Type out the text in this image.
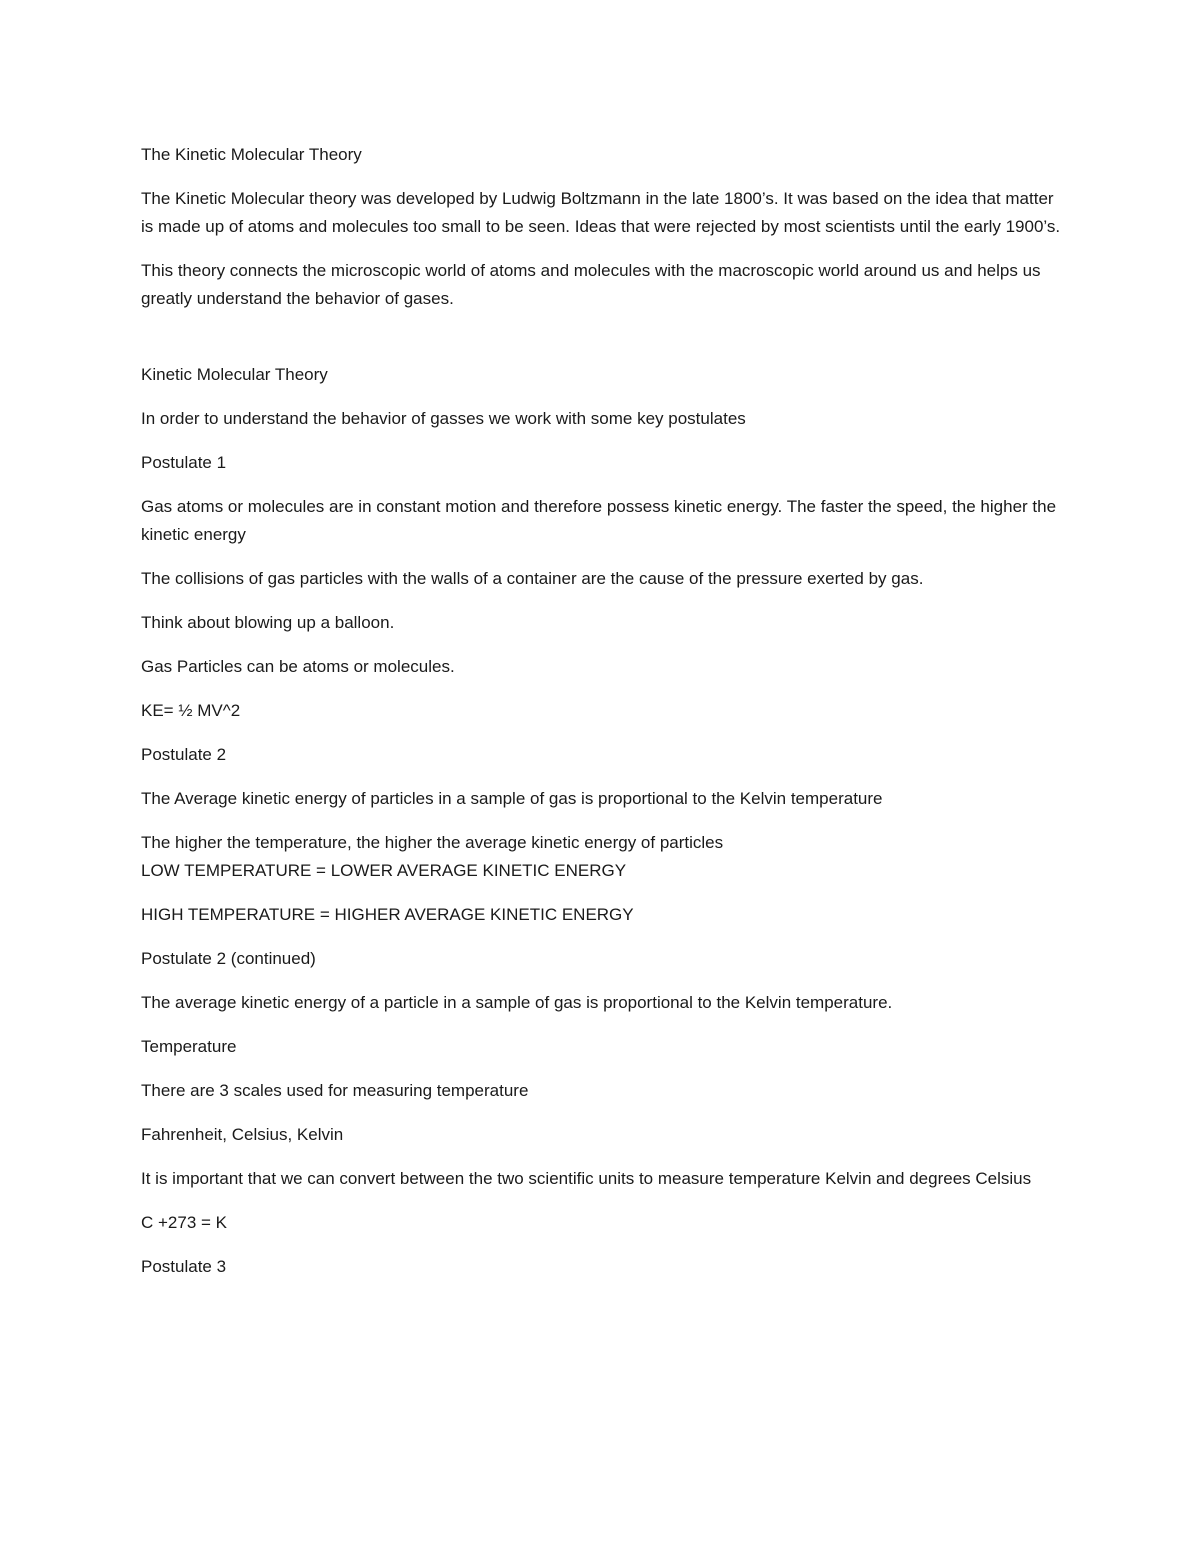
The Kinetic Molecular Theory

The Kinetic Molecular theory was developed by Ludwig Boltzmann in the late 1800’s. It was based on the idea that matter is made up of atoms and molecules too small to be seen. Ideas that were rejected by most scientists until the early 1900’s.

This theory connects the microscopic world of atoms and molecules with the macroscopic world around us and helps us greatly understand the behavior of gases.

Kinetic Molecular Theory

In order to understand the behavior of gasses we work with some key postulates

Postulate 1

Gas atoms or molecules are in constant motion and therefore possess kinetic energy. The faster the speed, the higher the kinetic energy

The collisions of gas particles with the walls of a container are the cause of the pressure exerted by gas.

Think about blowing up a balloon.

Gas Particles can be atoms or molecules.

KE= ½ MV^2

Postulate 2

The Average kinetic energy of particles in a sample of gas is proportional to the Kelvin temperature

The higher the temperature, the higher the average kinetic energy of particles

LOW TEMPERATURE = LOWER AVERAGE KINETIC ENERGY

HIGH TEMPERATURE = HIGHER AVERAGE KINETIC ENERGY

Postulate 2 (continued)

The average kinetic energy of a particle in a sample of gas is proportional to the Kelvin temperature.

Temperature

There are 3 scales used for measuring temperature

Fahrenheit, Celsius, Kelvin

It is important that we can convert between the two scientific units to measure temperature Kelvin and degrees Celsius

C +273 = K

Postulate 3
